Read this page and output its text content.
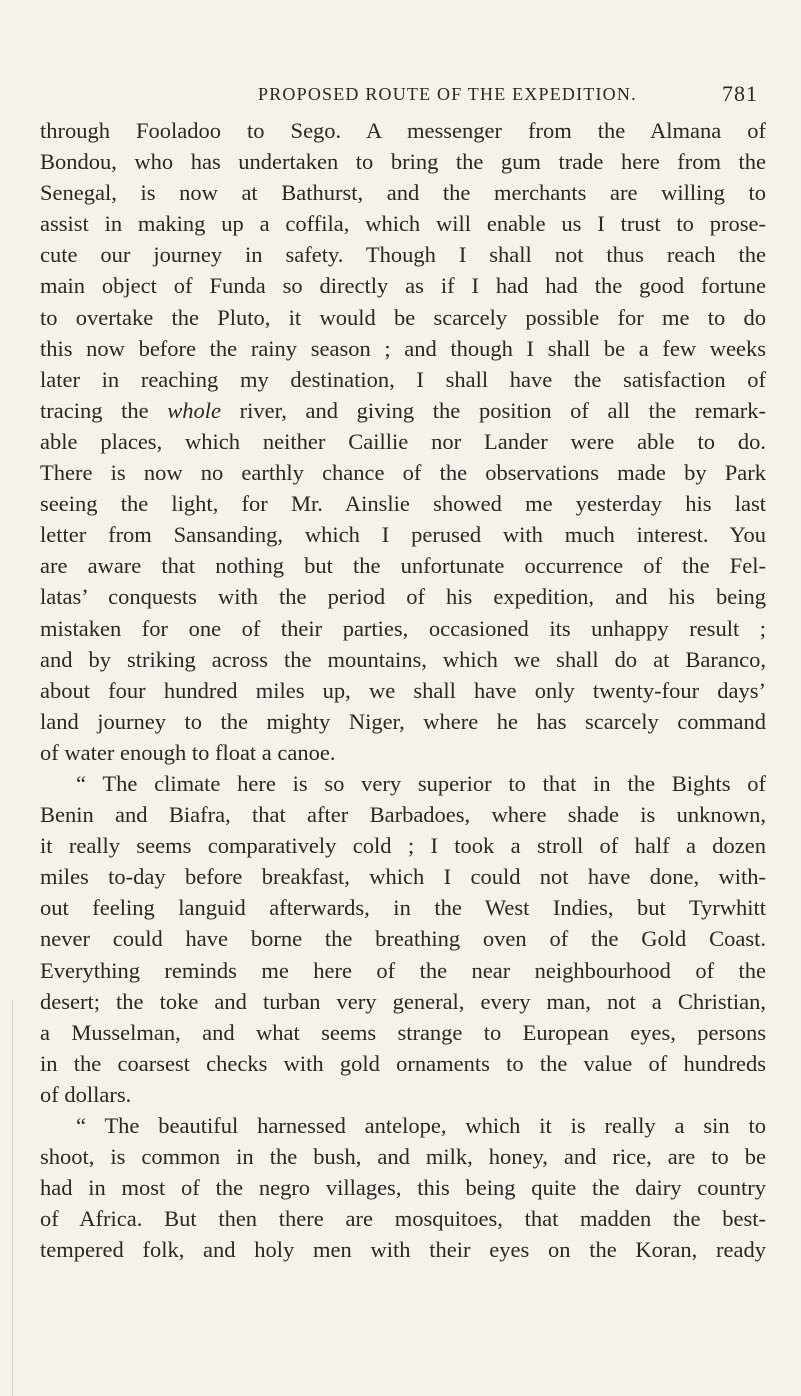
PROPOSED ROUTE OF THE EXPEDITION.	781
through Fooladoo to Sego. A messenger from the Almana of
Bondou, who has undertaken to bring the gum trade here from the
Senegal, is now at Bathurst, and the merchants are willing to
assist in making up a coffila, which will enable us I trust to prose-
cute our journey in safety. Though I shall not thus reach the
main object of Funda so directly as if I had had the good fortune
to overtake the Pluto, it would be scarcely possible for me to do
this now before the rainy season ; and though I shall be a few weeks
later in reaching my destination, I shall have the satisfaction of
tracing the whole river, and giving the position of all the remark-
able places, which neither Caillie nor Lander were able to do.
There is now no earthly chance of the observations made by Park
seeing the light, for Mr. Ainslie showed me yesterday his last
letter from Sansanding, which I perused with much interest. You
are aware that nothing but the unfortunate occurrence of the Fel-
latas’ conquests with the period of his expedition, and his being
mistaken for one of their parties, occasioned its unhappy result ;
and by striking across the mountains, which we shall do at Baranco,
about four hundred miles up, we shall have only twenty-four days’
land journey to the mighty Niger, where he has scarcely command
of water enough to float a canoe.
“ The climate here is so very superior to that in the Bights of
Benin and Biafra, that after Barbadoes, where shade is unknown,
it really seems comparatively cold ; I took a stroll of half a dozen
miles to-day before breakfast, which I could not have done, with-
out feeling languid afterwards, in the West Indies, but Tyrwhitt
never could have borne the breathing oven of the Gold Coast.
Everything reminds me here of the near neighbourhood of the
desert; the toke and turban very general, every man, not a Christian,
a Musselman, and what seems strange to European eyes, persons
in the coarsest checks with gold ornaments to the value of hundreds
of dollars.
“ The beautiful harnessed antelope, which it is really a sin to
shoot, is common in the bush, and milk, honey, and rice, are to be
had in most of the negro villages, this being quite the dairy country
of Africa. But then there are mosquitoes, that madden the best-
tempered folk, and holy men with their eyes on the Koran, ready
